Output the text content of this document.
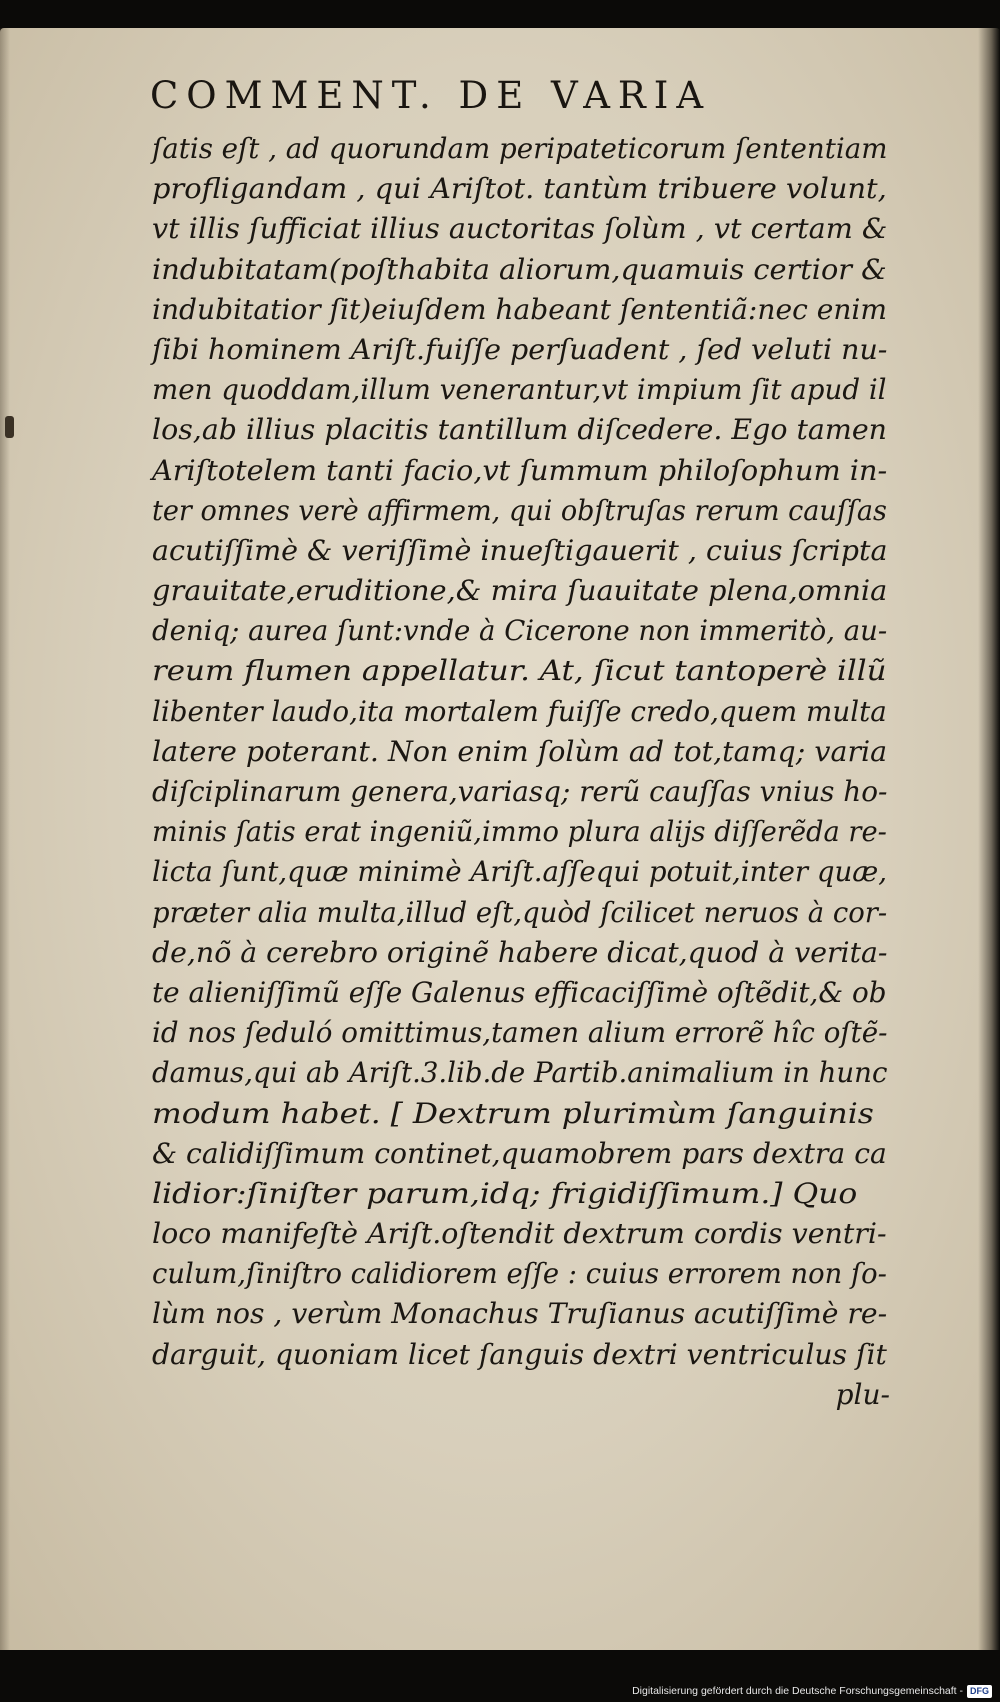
COMMENT. DE VARIA
ſatis eſt , ad quorundam peripateticorum ſententiam
profligandam , qui Ariſtot. tantùm tribuere volunt,
vt illis ſufficiat illius auctoritas ſolùm , vt certam &
indubitatam(poſthabita aliorum,quamuis certior &
indubitatior ſit)eiuſdem habeant ſententiã:nec enim
ſibi hominem Ariſt.fuiſſe perſuadent , ſed veluti nu-
men quoddam,illum venerantur,vt impium ſit apud il
los,ab illius placitis tantillum diſcedere. Ego tamen
Ariſtotelem tanti facio,vt ſummum philoſophum in-
ter omnes verè affirmem, qui obſtruſas rerum cauſſas
acutiſſimè & veriſſimè inueſtigauerit , cuius ſcripta
grauitate,eruditione,& mira ſuauitate plena,omnia
deniq; aurea ſunt:vnde à Cicerone non immeritò, au-
reum flumen appellatur. At, ſicut tantoperè illũ
libenter laudo,ita mortalem fuiſſe credo,quem multa
latere poterant. Non enim ſolùm ad tot,tamq; varia
diſciplinarum genera,variasq; rerũ cauſſas vnius ho-
minis ſatis erat ingeniũ,immo plura alijs diſſerẽda re-
licta ſunt,quæ minimè Ariſt.aſſequi potuit,inter quæ,
præter alia multa,illud eſt,quòd ſcilicet neruos à cor-
de,nõ à cerebro originẽ habere dicat,quod à verita-
te alieniſſimũ eſſe Galenus efficaciſſimè oſtẽdit,& ob
id nos ſeduló omittimus,tamen alium errorẽ hîc oſtẽ-
damus,qui ab Ariſt.3.lib.de Partib.animalium in hunc
modum habet. [ Dextrum plurimùm ſanguinis
& calidiſſimum continet,quamobrem pars dextra ca
lidior:ſiniſter parum,idq; frigidiſſimum.] Quo
loco manifeſtè Ariſt.oſtendit dextrum cordis ventri-
culum,ſiniſtro calidiorem eſſe : cuius errorem non ſo-
lùm nos , verùm Monachus Truſianus acutiſſimè re-
darguit, quoniam licet ſanguis dextri ventriculus ſit
plu-
Digitalisierung gefördert durch die Deutsche Forschungsgemeinschaft - DFG
